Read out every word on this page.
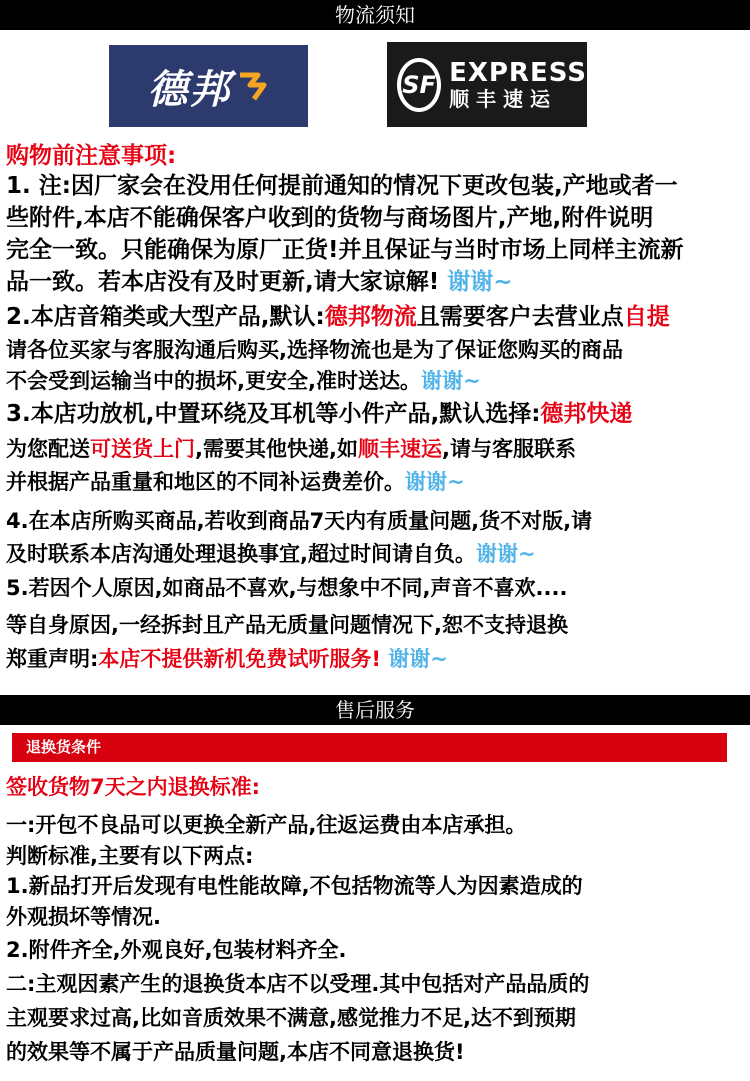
物流须知
德邦	SF EXPRESS
顺丰速运
购物前注意事项:
1. 注:因厂家会在没用任何提前通知的情况下更改包装,产地或者一
些附件,本店不能确保客户收到的货物与商场图片,产地,附件说明
完全一致。只能确保为原厂正货!并且保证与当时市场上同样主流新
品一致。若本店没有及时更新,请大家谅解! 谢谢~
2.本店音箱类或大型产品,默认:德邦物流且需要客户去营业点自提
请各位买家与客服沟通后购买,选择物流也是为了保证您购买的商品
不会受到运输当中的损坏,更安全,准时送达。谢谢~
3.本店功放机,中置环绕及耳机等小件产品,默认选择:德邦快递
为您配送可送货上门,需要其他快递,如顺丰速运,请与客服联系
并根据产品重量和地区的不同补运费差价。谢谢~
4.在本店所购买商品,若收到商品7天内有质量问题,货不对版,请
及时联系本店沟通处理退换事宜,超过时间请自负。谢谢~
5.若因个人原因,如商品不喜欢,与想象中不同,声音不喜欢....
等自身原因,一经拆封且产品无质量问题情况下,恕不支持退换
郑重声明:本店不提供新机免费试听服务! 谢谢~
售后服务
退换货条件
签收货物7天之内退换标准:
一:开包不良品可以更换全新产品,往返运费由本店承担。
判断标准,主要有以下两点:
1.新品打开后发现有电性能故障,不包括物流等人为因素造成的
外观损坏等情况.
2.附件齐全,外观良好,包装材料齐全.
二:主观因素产生的退换货本店不以受理.其中包括对产品品质的
主观要求过高,比如音质效果不满意,感觉推力不足,达不到预期
的效果等不属于产品质量问题,本店不同意退换货!
